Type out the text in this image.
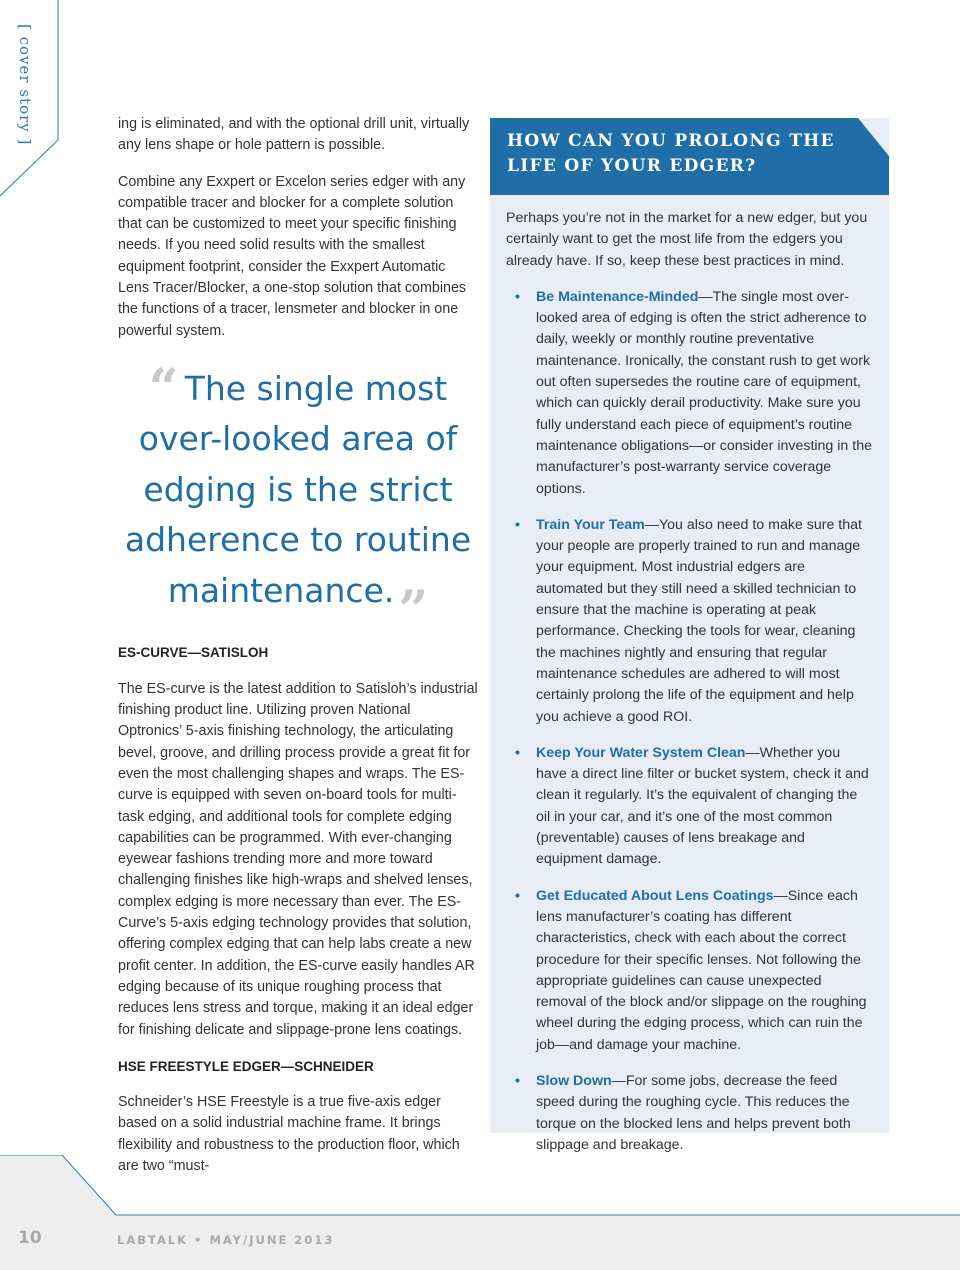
[ cover story ]	ing is eliminated, and with the optional drill unit, virtually any lens shape or hole pattern is possible.

Combine any Exxpert or Excelon series edger with any compatible tracer and blocker for a complete solution that can be customized to meet your specific finishing needs. If you need solid results with the smallest equipment footprint, consider the Exxpert Automatic Lens Tracer/Blocker, a one-stop solution that combines the functions of a tracer, lensmeter and blocker in one powerful system.

“ The single most over-looked area of edging is the strict adherence to routine maintenance.”

ES-CURVE—SATISLOH

The ES-curve is the latest addition to Satisloh’s industrial finishing product line. Utilizing proven National Optronics’ 5-axis finishing technology, the articulating bevel, groove, and drilling process provide a great fit for even the most challenging shapes and wraps. The ES-curve is equipped with seven on-board tools for multi-task edging, and additional tools for complete edging capabilities can be programmed. With ever-changing eyewear fashions trending more and more toward challenging finishes like high-wraps and shelved lenses, complex edging is more necessary than ever. The ES-Curve’s 5-axis edging technology provides that solution, offering complex edging that can help labs create a new profit center. In addition, the ES-curve easily handles AR edging because of its unique roughing process that reduces lens stress and torque, making it an ideal edger for finishing delicate and slippage-prone lens coatings.

HSE FREESTYLE EDGER—SCHNEIDER

Schneider’s HSE Freestyle is a true five-axis edger based on a solid industrial machine frame. It brings flexibility and robustness to the production floor, which are two “must-

HOW CAN YOU PROLONG THE LIFE OF YOUR EDGER?

Perhaps you’re not in the market for a new edger, but you certainly want to get the most life from the edgers you already have. If so, keep these best practices in mind.

• Be Maintenance-Minded—The single most over-looked area of edging is often the strict adherence to daily, weekly or monthly routine preventative maintenance. Ironically, the constant rush to get work out often supersedes the routine care of equipment, which can quickly derail productivity. Make sure you fully understand each piece of equipment’s routine maintenance obligations—or consider investing in the manufacturer’s post-warranty service coverage options.
• Train Your Team—You also need to make sure that your people are properly trained to run and manage your equipment. Most industrial edgers are automated but they still need a skilled technician to ensure that the machine is operating at peak performance. Checking the tools for wear, cleaning the machines nightly and ensuring that regular maintenance schedules are adhered to will most certainly prolong the life of the equipment and help you achieve a good ROI.
• Keep Your Water System Clean—Whether you have a direct line filter or bucket system, check it and clean it regularly. It’s the equivalent of changing the oil in your car, and it’s one of the most common (preventable) causes of lens breakage and equipment damage.
• Get Educated About Lens Coatings—Since each lens manufacturer’s coating has different characteristics, check with each about the correct procedure for their specific lenses. Not following the appropriate guidelines can cause unexpected removal of the block and/or slippage on the roughing wheel during the edging process, which can ruin the job—and damage your machine.
• Slow Down—For some jobs, decrease the feed speed during the roughing cycle. This reduces the torque on the blocked lens and helps prevent both slippage and breakage.
10	LABTALK • MAY/JUNE 2013
